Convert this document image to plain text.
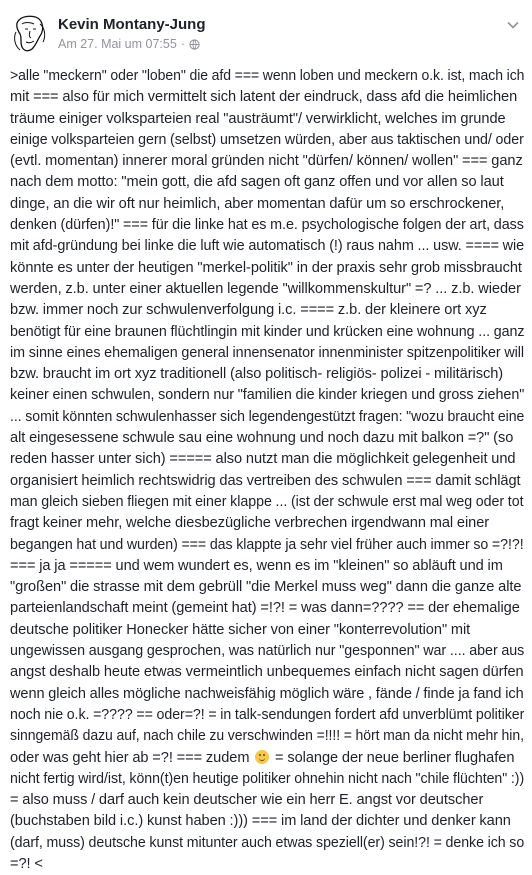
Kevin Montany-Jung
Am 27. Mai um 07:55 ·
>alle "meckern" oder "loben" die afd === wenn loben und meckern o.k. ist, mach ich
mit === also für mich vermittelt sich latent der eindruck, dass afd die heimlichen
träume einiger volksparteien real "austräumt"/ verwirklicht, welches im grunde
einige volksparteien gern (selbst) umsetzen würden, aber aus taktischen und/ oder
(evtl. momentan) innerer moral gründen nicht "dürfen/ können/ wollen" === ganz
nach dem motto: "mein gott, die afd sagen oft ganz offen und vor allen so laut
dinge, an die wir oft nur heimlich, aber momentan dafür um so erschrockener,
denken (dürfen)!" === für die linke hat es m.e. psychologische folgen der art, dass
mit afd-gründung bei linke die luft wie automatisch (!) raus nahm ... usw. ==== wie
könnte es unter der heutigen "merkel-politik" in der praxis sehr grob missbraucht
werden, z.b. unter einer aktuellen legende "willkommenskultur" =? ... z.b. wieder
bzw. immer noch zur schwulenverfolgung i.c. ==== z.b. der kleinere ort xyz
benötigt für eine braunen flüchtlingin mit kinder und krücken eine wohnung ... ganz
im sinne eines ehemaligen general innensenator innenminister spitzenpolitiker will
bzw. braucht im ort xyz traditionell (also politisch- religiös- polizei - militärisch)
keiner einen schwulen, sondern nur "familien die kinder kriegen und gross ziehen"
... somit könnten schwulenhasser sich legendengestützt fragen: "wozu braucht eine
alt eingesessene schwule sau eine wohnung und noch dazu mit balkon =?" (so
reden hasser unter sich) ===== also nutzt man die möglichkeit gelegenheit und
organisiert heimlich rechtswidrig das vertreiben des schwulen === damit schlägt
man gleich sieben fliegen mit einer klappe ... (ist der schwule erst mal weg oder tot
fragt keiner mehr, welche diesbezügliche verbrechen irgendwann mal einer
begangen hat und wurden) === das klappte ja sehr viel früher auch immer so =?!?!
=== ja ja ===== und wem wundert es, wenn es im "kleinen" so abläuft und im
"großen" die strasse mit dem gebrüll "die Merkel muss weg" dann die ganze alte
parteienlandschaft meint (gemeint hat) =!?! = was dann=???? == der ehemalige
deutsche politiker Honecker hätte sicher von einer "konterrevolution" mit
ungewissen ausgang gesprochen, was natürlich nur "gesponnen" war .... aber aus
angst deshalb heute etwas vermeintlich unbequemes einfach nicht sagen dürfen
wenn gleich alles mögliche nachweisfähig möglich wäre , fände / finde ja fand ich
noch nie o.k. =???? == oder=?! = in talk-sendungen fordert afd unverblümt politiker
sinngemäß dazu auf, nach chile zu verschwinden =!!!! = hört man da nicht mehr hin,
oder was geht hier ab =?! === zudem
= solange der neue berliner flughafen
nicht fertig wird/ist, könn(t)en heutige politiker ohnehin nicht nach "chile flüchten" :))
= also muss / darf auch kein deutscher wie ein herr E. angst vor deutscher
(buchstaben bild i.c.) kunst haben :))) === im land der dichter und denker kann
(darf, muss) deutsche kunst mitunter auch etwas speziell(er) sein!?! = denke ich so
=?! <
